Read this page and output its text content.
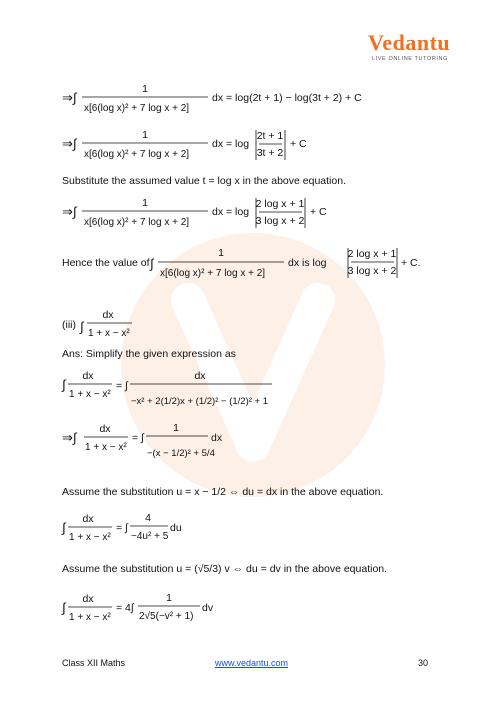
Vedantu
LIVE ONLINE TUTORING
⇒∫
1
x[6(log x)² + 7 log x + 2]
dx = log(2t + 1) − log(3t + 2) + C
⇒∫
1
x[6(log x)² + 7 log x + 2]
dx = log
2t + 1
3t + 2
+ C
Substitute the assumed value t = log x in the above equation.
⇒∫
1
x[6(log x)² + 7 log x + 2]
dx = log
2 log x + 1
3 log x + 2
+ C
Hence the value of ∫
1
x[6(log x)² + 7 log x + 2]
dx is log
2 log x + 1
3 log x + 2
+ C.
(iii) ∫
dx
1 + x − x²
Ans: Simplify the given expression as
∫
dx
1 + x − x²
= ∫
dx
−x² + 2(1/2)x + (1/2)² − (1/2)² + 1
⇒∫
dx
1 + x − x²
= ∫
1
−(x − 1/2)² + 5/4
dx
Assume the substitution u = x − 1/2 ⇔ du = dx in the above equation.
∫
dx
1 + x − x²
= ∫
4
−4u² + 5
du
Assume the substitution u = (√5/3) v ⇔ du = dv in the above equation.
∫
dx
1 + x − x²
= 4∫
1
2√5(−v² + 1)
dv
Class XII Maths	www.vedantu.com	30
